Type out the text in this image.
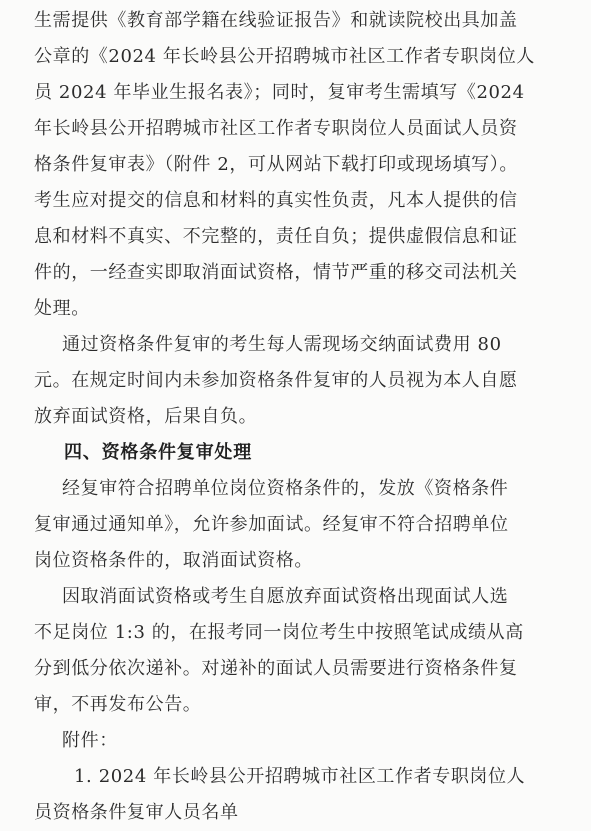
生需提供《教育部学籍在线验证报告》和就读院校出具加盖
公章的《2024 年长岭县公开招聘城市社区工作者专职岗位人
员 2024 年毕业生报名表》；同时，复审考生需填写《2024
年长岭县公开招聘城市社区工作者专职岗位人员面试人员资
格条件复审表》（附件 2，可从网站下载打印或现场填写）。
考生应对提交的信息和材料的真实性负责，凡本人提供的信
息和材料不真实、不完整的，责任自负；提供虚假信息和证
件的，一经查实即取消面试资格，情节严重的移交司法机关
处理。
通过资格条件复审的考生每人需现场交纳面试费用 80
元。在规定时间内未参加资格条件复审的人员视为本人自愿
放弃面试资格，后果自负。
四、资格条件复审处理
经复审符合招聘单位岗位资格条件的，发放《资格条件
复审通过通知单》，允许参加面试。经复审不符合招聘单位
岗位资格条件的，取消面试资格。
因取消面试资格或考生自愿放弃面试资格出现面试人选
不足岗位 1:3 的，在报考同一岗位考生中按照笔试成绩从高
分到低分依次递补。对递补的面试人员需要进行资格条件复
审，不再发布公告。
附件：
1. 2024 年长岭县公开招聘城市社区工作者专职岗位人
员资格条件复审人员名单
